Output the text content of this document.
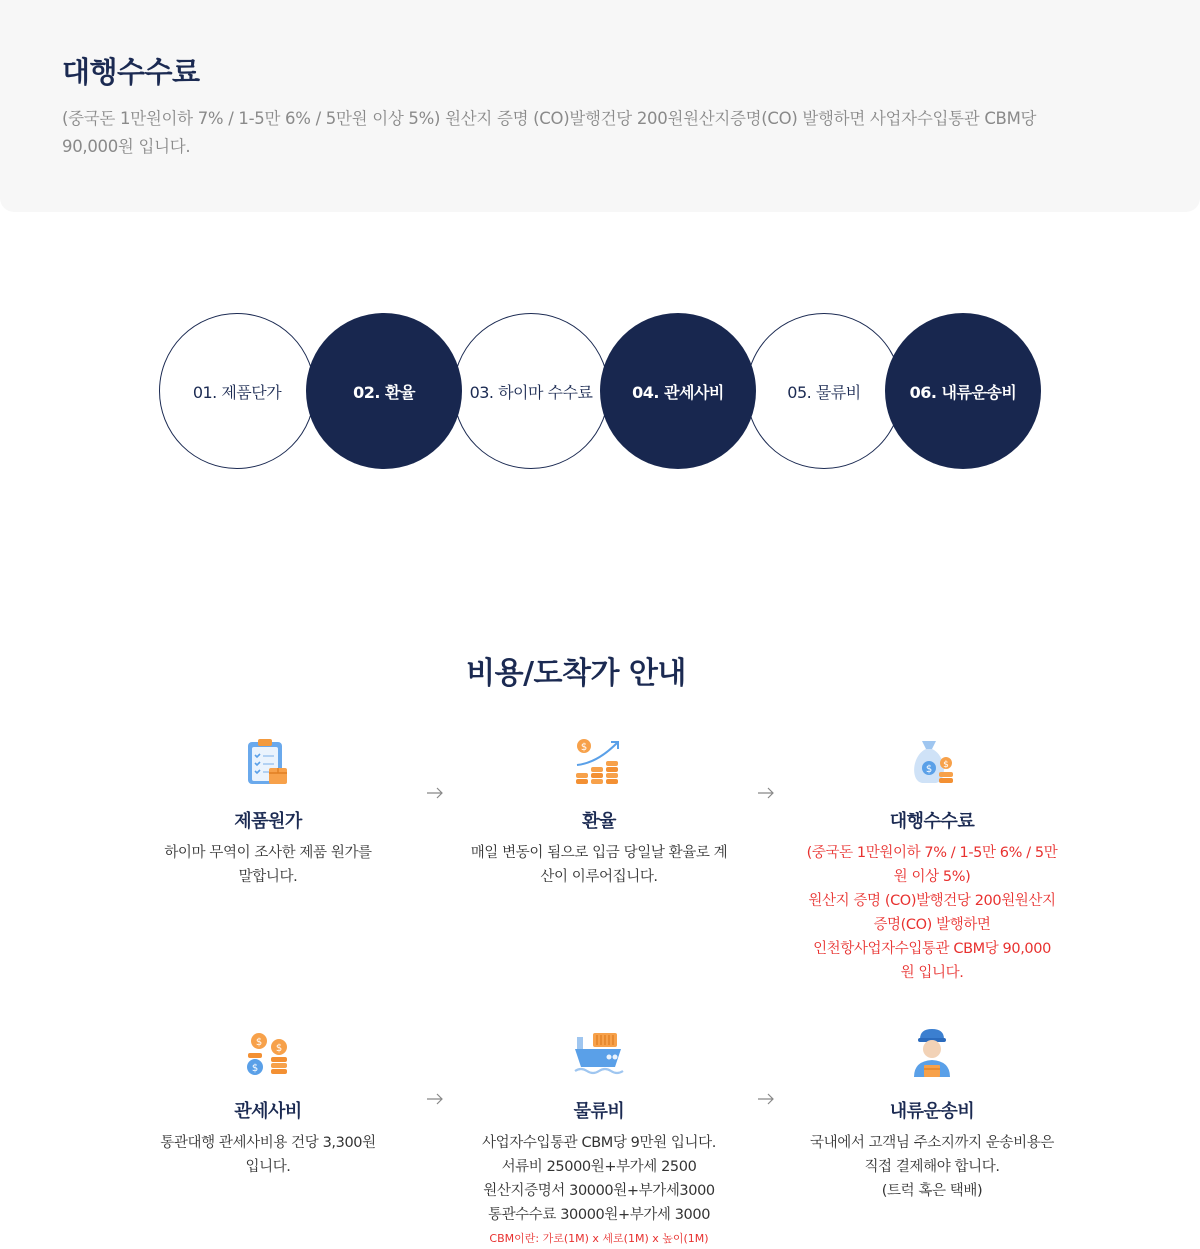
대행수수료
(중국돈 1만원이하 7% / 1-5만 6% / 5만원 이상 5%) 원산지 증명 (CO)발행건당 200원원산지증명(CO) 발행하면 사업자수입통관 CBM당
90,000원 입니다.
01. 제품단가	02. 환율	03. 하이마 수수료 04. 관세사비	05. 물류비	06. 내류운송비
비용/도착가 안내
제품원가
하이마 무역이 조사한 제품 원가를
말합니다.
$
환율
매일 변동이 됨으로 입금 당일날 환율로 계
산이 이루어집니다.
$ $
대행수수료
(중국돈 1만원이하 7% / 1-5만 6% / 5만
원 이상 5%)
원산지 증명 (CO)발행건당 200원원산지
증명(CO) 발행하면
인천항사업자수입통관 CBM당 90,000
원 입니다.
$
$
$
관세사비
통관대행 관세사비용 건당 3,300원
입니다.
물류비
사업자수입통관 CBM당 9만원 입니다.
서류비 25000원+부가세 2500
원산지증명서 30000원+부가세3000
통관수수료 30000원+부가세 3000
CBM이란: 가로(1M) x 세로(1M) x 높이(1M)
내류운송비
국내에서 고객님 주소지까지 운송비용은
직접 결제해야 합니다.
(트럭 혹은 택배)
